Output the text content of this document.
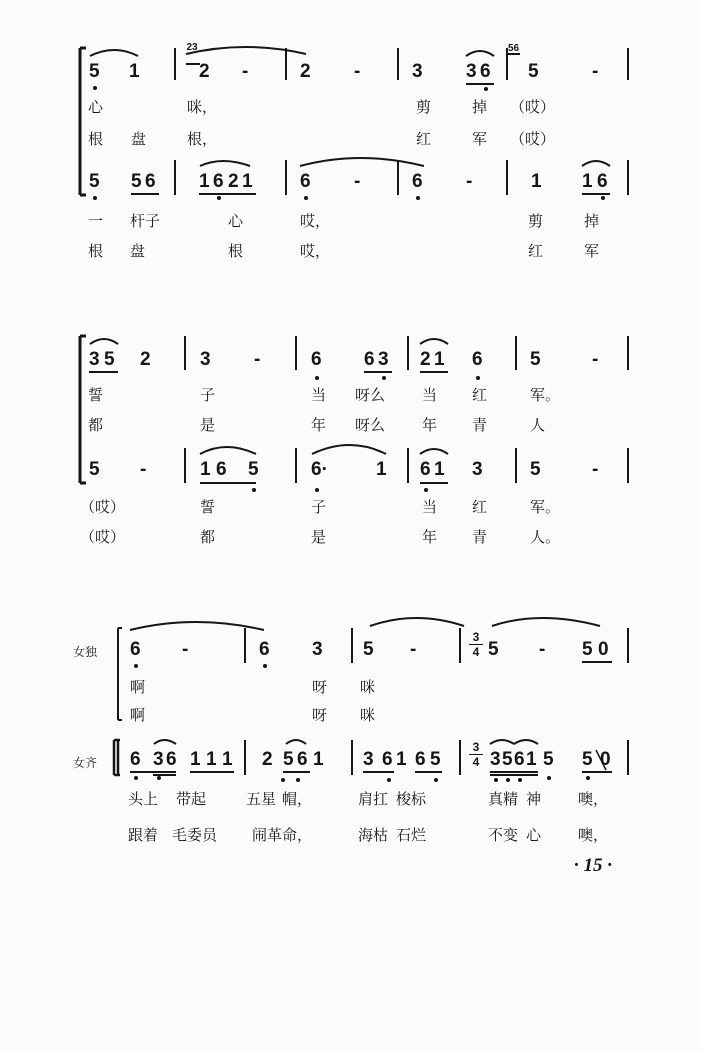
5 1
23
2 -	2 -	3 3 6
56
5	-
心	咪，	剪	掉 （哎）
根 盘	根，	红	军 （哎）
5 5 6 1 6 2 1 6 -	6 -	1 1 6
一 杆子	心	哎，	剪	掉
根 盘	根	哎，	红	军
3 5 2	3 -	6 6 3 2 1 6 5	-
誓	子	当 呀么 当 红	军。
都	是	年 呀么 年 青	人
5 -	1 6 5	6·	1 6 1 3 5	-
（哎）	誓	子	当 红	军。
（哎）	都	是	年 青	人。
女独
女齐
6 -	6 3 5 -
3
4 5 - 5 0
啊	呀 咪
啊	呀 咪
6 3 6 1 1 1 2 5 6 1 3 6 1 6 5
3
4 3 5 6 1 5 5 0
头上 带起	五星 帽，	肩扛 梭标	真精 神 噢，
跟着 毛委员 闹革 命，	海枯 石烂	不变 心 噢，
· 15 ·
